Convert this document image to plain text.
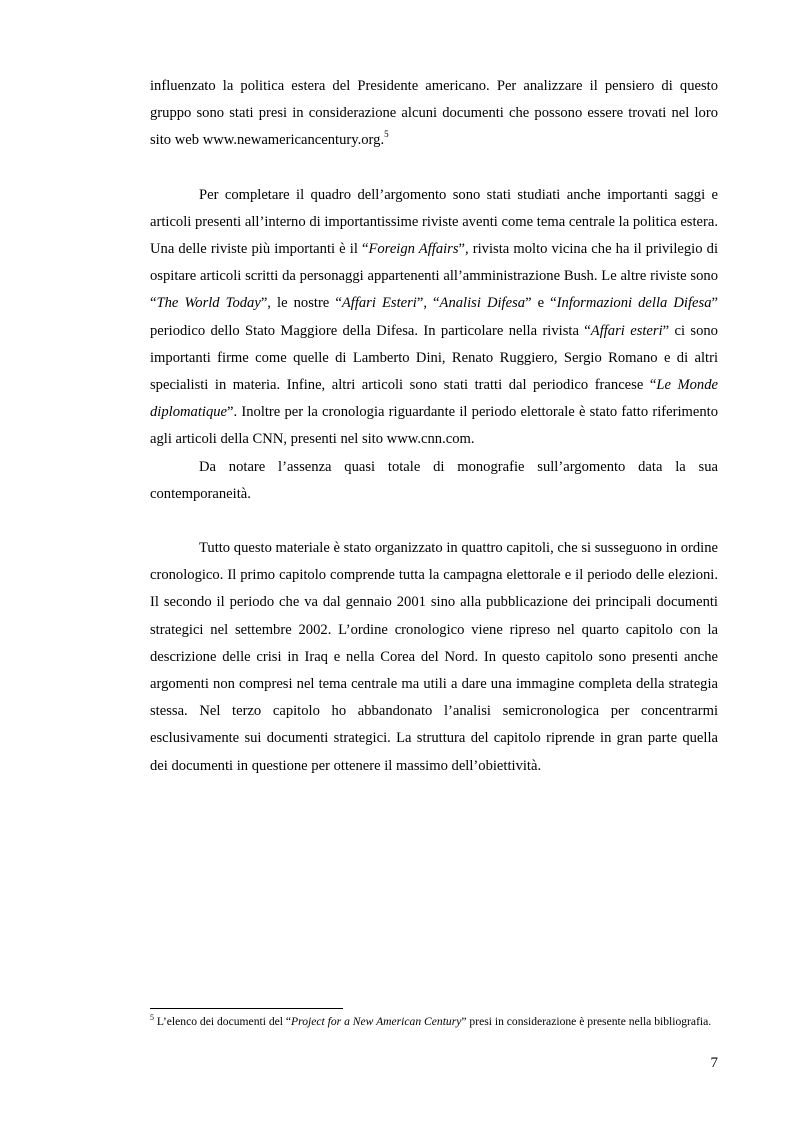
influenzato la politica estera del Presidente americano. Per analizzare il pensiero di questo gruppo sono stati presi in considerazione alcuni documenti che possono essere trovati nel loro sito web www.newamericancentury.org.$^5$

Per completare il quadro dell’argomento sono stati studiati anche importanti saggi e articoli presenti all’interno di importantissime riviste aventi come tema centrale la politica estera. Una delle riviste più importanti è il “Foreign Affairs”, rivista molto vicina che ha il privilegio di ospitare articoli scritti da personaggi appartenenti all’amministrazione Bush. Le altre riviste sono “The World Today”, le nostre “Affari Esteri”, “Analisi Difesa” e “Informazioni della Difesa” periodico dello Stato Maggiore della Difesa. In particolare nella rivista “Affari esteri” ci sono importanti firme come quelle di Lamberto Dini, Renato Ruggiero, Sergio Romano e di altri specialisti in materia. Infine, altri articoli sono stati tratti dal periodico francese “Le Monde diplomatique”. Inoltre per la cronologia riguardante il periodo elettorale è stato fatto riferimento agli articoli della CNN, presenti nel sito www.cnn.com.

Da notare l’assenza quasi totale di monografie sull’argomento data la sua contemporaneità.

Tutto questo materiale è stato organizzato in quattro capitoli, che si susseguono in ordine cronologico. Il primo capitolo comprende tutta la campagna elettorale e il periodo delle elezioni. Il secondo il periodo che va dal gennaio 2001 sino alla pubblicazione dei principali documenti strategici nel settembre 2002. L’ordine cronologico viene ripreso nel quarto capitolo con la descrizione delle crisi in Iraq e nella Corea del Nord. In questo capitolo sono presenti anche argomenti non compresi nel tema centrale ma utili a dare una immagine completa della strategia stessa. Nel terzo capitolo ho abbandonato l’analisi semicronologica per concentrarmi esclusivamente sui documenti strategici. La struttura del capitolo riprende in gran parte quella dei documenti in questione per ottenere il massimo dell’obiettività.

$^5$ L’elenco dei documenti del “Project for a New American Century” presi in considerazione è presente nella bibliografia.
7
